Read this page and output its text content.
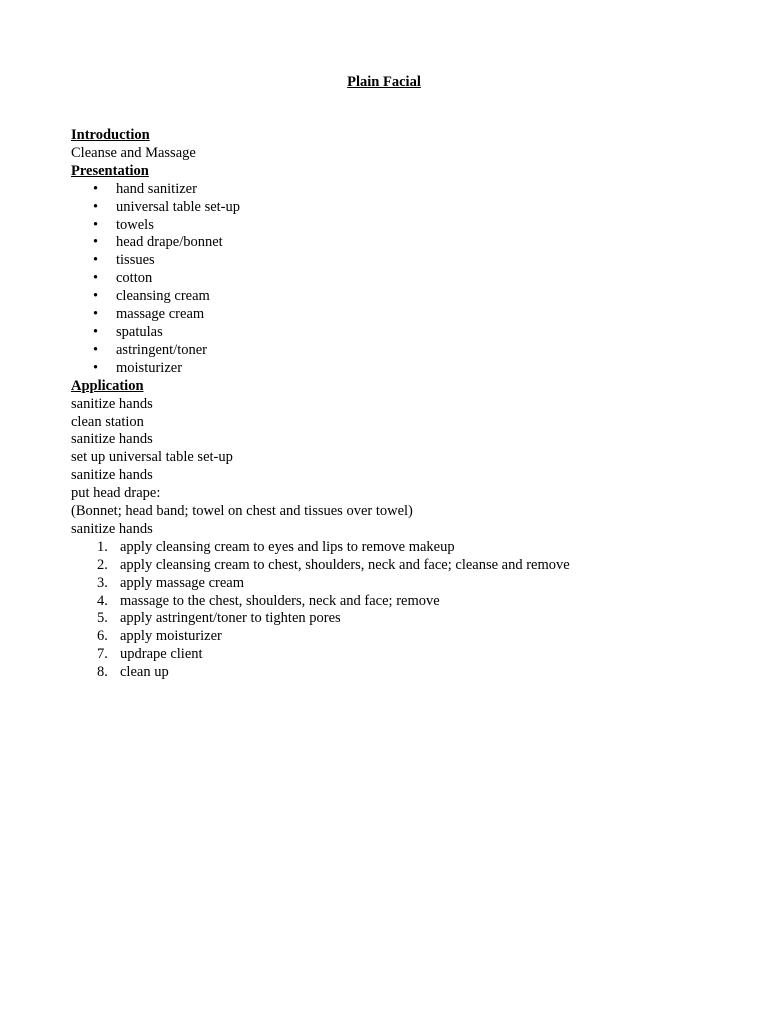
Plain Facial
Introduction
Cleanse and Massage
Presentation
• hand sanitizer
• universal table set-up
• towels
• head drape/bonnet
• tissues
• cotton
• cleansing cream
• massage cream
• spatulas
• astringent/toner
• moisturizer
Application
sanitize hands
clean station
sanitize hands
set up universal table set-up
sanitize hands
put head drape:
(Bonnet; head band; towel on chest and tissues over towel)
sanitize hands
1. apply cleansing cream to eyes and lips to remove makeup
2. apply cleansing cream to chest, shoulders, neck and face; cleanse and remove
3. apply massage cream
4. massage to the chest, shoulders, neck and face; remove
5. apply astringent/toner to tighten pores
6. apply moisturizer
7. updrape client
8. clean up
